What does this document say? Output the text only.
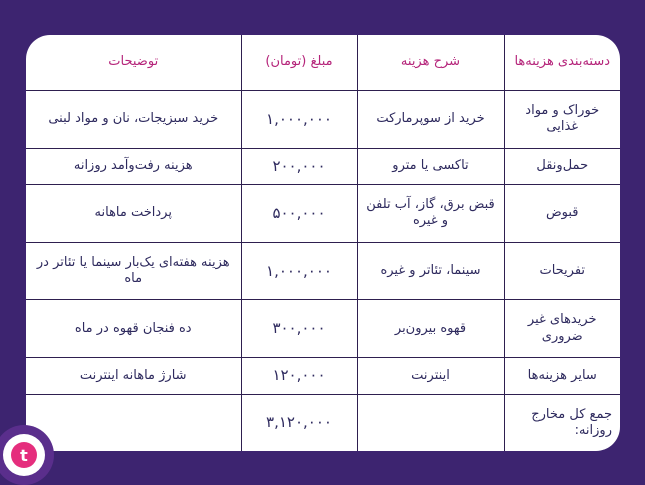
دسته‌بندی هزینه‌ها	شرح هزینه	مبلغ (تومان)	توضیحات
خوراک و مواد غذایی	خرید از سوپرمارکت	۱,۰۰۰,۰۰۰	خرید سبزیجات، نان و مواد لبنی
حمل‌ونقل	تاکسی یا مترو	۲۰۰,۰۰۰	هزینه رفت‌وآمد روزانه
قبوض	قبض برق، گاز، آب تلفن و غیره	۵۰۰,۰۰۰	پرداخت ماهانه
تفریحات	سینما، تئاتر و غیره	۱,۰۰۰,۰۰۰	هزینه هفته‌ای یک‌بار سینما یا تئاتر در ماه
خریدهای غیر ضروری	قهوه بیرون‌بر	۳۰۰,۰۰۰	ده فنجان قهوه در ماه
سایر هزینه‌ها	اینترنت	۱۲۰,۰۰۰	شارژ ماهانه اینترنت
جمع کل مخارج روزانه:		۳,۱۲۰,۰۰۰	
t
